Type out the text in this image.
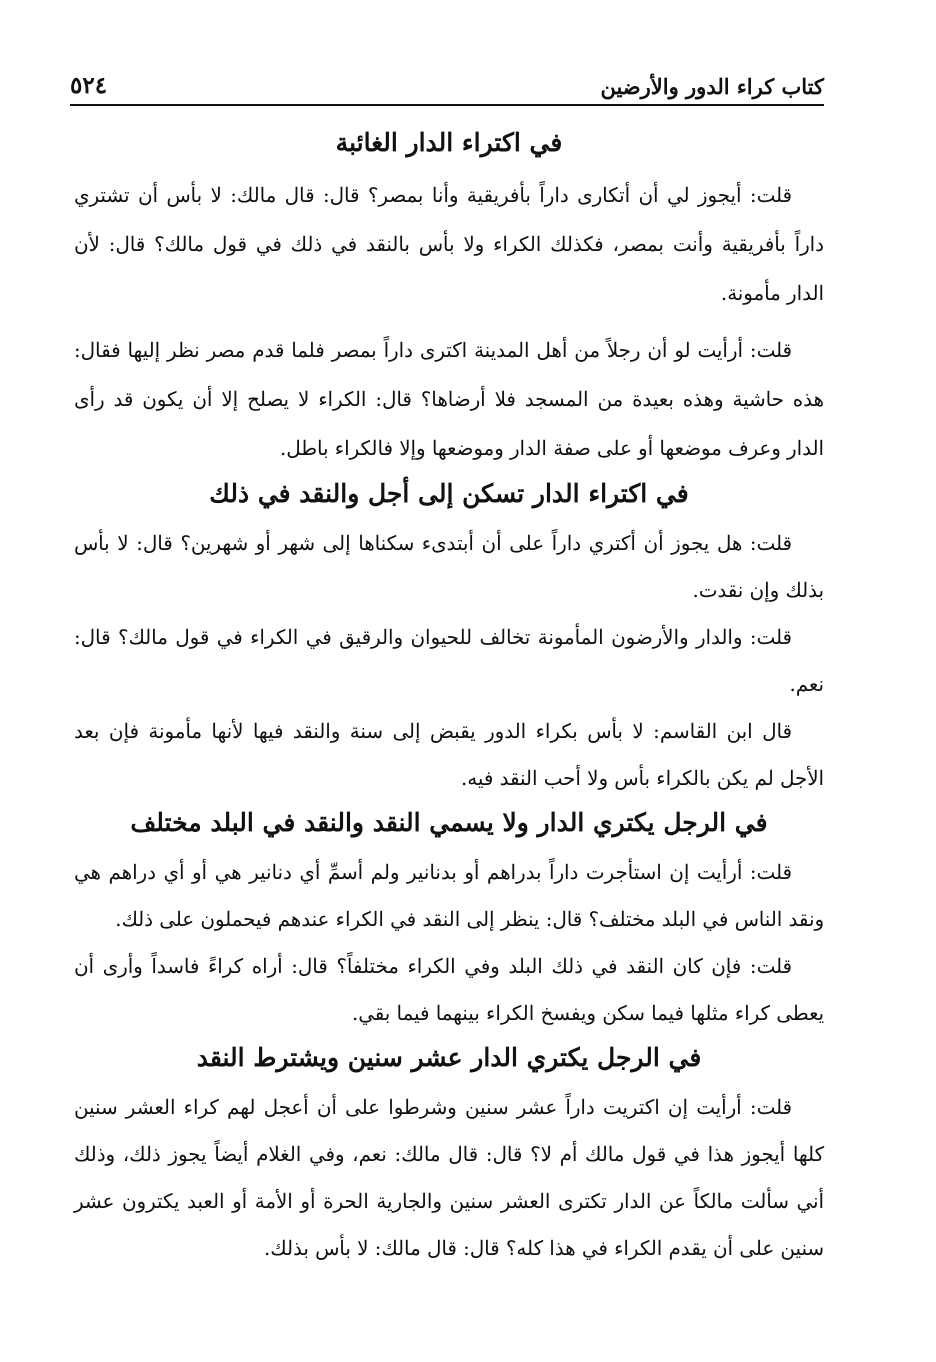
كتاب كراء الدور والأرضين
٥٢٤
في اكتراء الدار الغائبة

قلت: أيجوز لي أن أتكارى داراً بأفريقية وأنا بمصر؟ قال: قال مالك: لا بأس أن تشتري داراً بأفريقية وأنت بمصر، فكذلك الكراء ولا بأس بالنقد في ذلك في قول مالك؟ قال: لأن الدار مأمونة.

قلت: أرأيت لو أن رجلاً من أهل المدينة اكترى داراً بمصر فلما قدم مصر نظر إليها فقال: هذه حاشية وهذه بعيدة من المسجد فلا أرضاها؟ قال: الكراء لا يصلح إلا أن يكون قد رأى الدار وعرف موضعها أو على صفة الدار وموضعها وإلا فالكراء باطل.

في اكتراء الدار تسكن إلى أجل والنقد في ذلك

قلت: هل يجوز أن أكتري داراً على أن أبتدىء سكناها إلى شهر أو شهرين؟ قال: لا بأس بذلك وإن نقدت.

قلت: والدار والأرضون المأمونة تخالف للحيوان والرقيق في الكراء في قول مالك؟ قال: نعم.

قال ابن القاسم: لا بأس بكراء الدور يقبض إلى سنة والنقد فيها لأنها مأمونة فإن بعد الأجل لم يكن بالكراء بأس ولا أحب النقد فيه.

في الرجل يكتري الدار ولا يسمي النقد والنقد في البلد مختلف

قلت: أرأيت إن استأجرت داراً بدراهم أو بدنانير ولم أسمِّ أي دنانير هي أو أي دراهم هي ونقد الناس في البلد مختلف؟ قال: ينظر إلى النقد في الكراء عندهم فيحملون على ذلك.

قلت: فإن كان النقد في ذلك البلد وفي الكراء مختلفاً؟ قال: أراه كراءً فاسداً وأرى أن يعطى كراء مثلها فيما سكن ويفسخ الكراء بينهما فيما بقي.

في الرجل يكتري الدار عشر سنين ويشترط النقد

قلت: أرأيت إن اكتريت داراً عشر سنين وشرطوا على أن أعجل لهم كراء العشر سنين كلها أيجوز هذا في قول مالك أم لا؟ قال: قال مالك: نعم، وفي الغلام أيضاً يجوز ذلك، وذلك أني سألت مالكاً عن الدار تكترى العشر سنين والجارية الحرة أو الأمة أو العبد يكترون عشر سنين على أن يقدم الكراء في هذا كله؟ قال: قال مالك: لا بأس بذلك.
